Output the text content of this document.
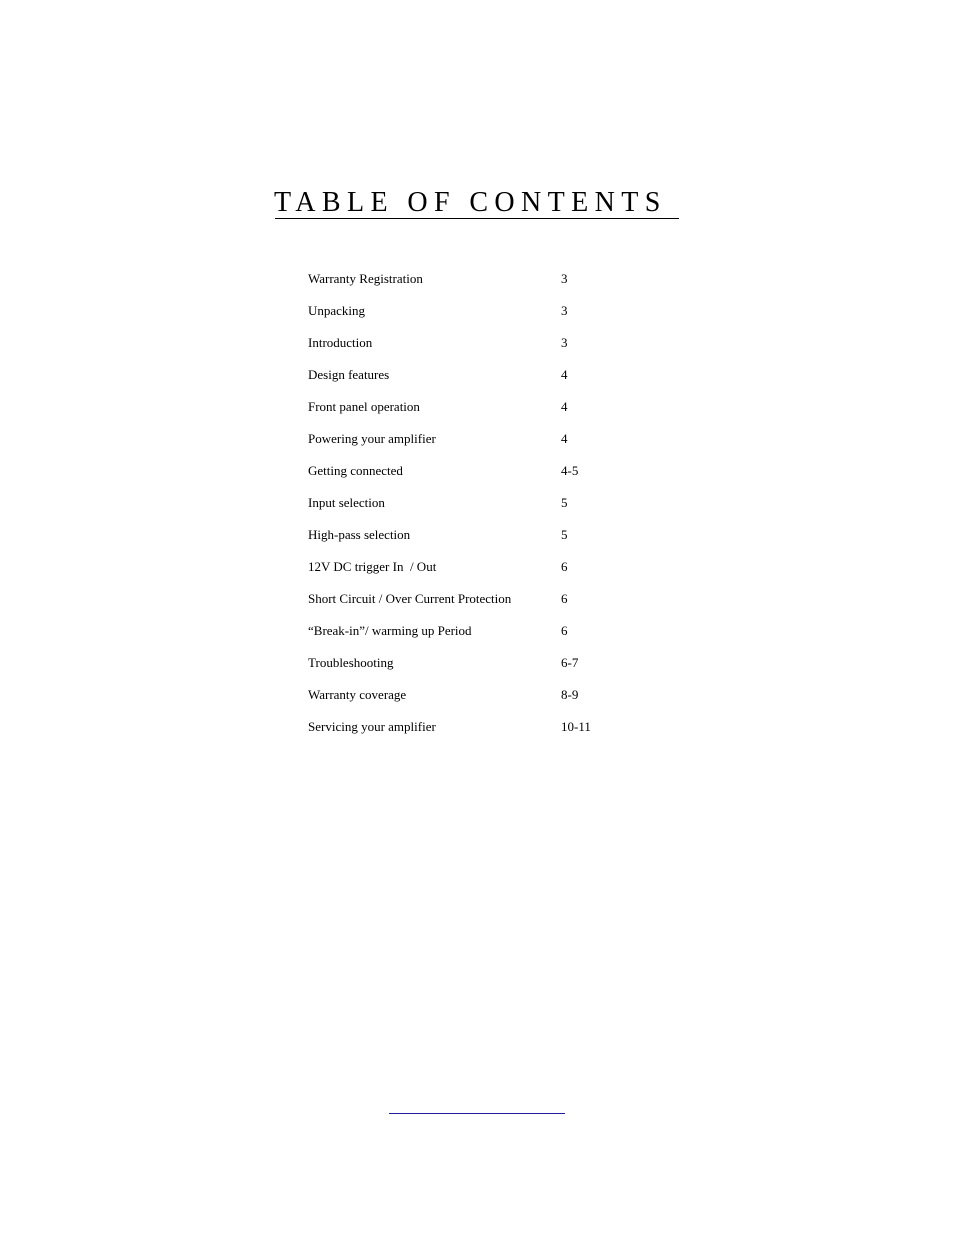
TABLE OF CONTENTS
Warranty Registration	3
Unpacking	3
Introduction	3
Design features	4
Front panel operation	4
Powering your amplifier	4
Getting connected	4-5
Input selection	5
High-pass selection	5
12V DC trigger In  / Out	6
Short Circuit / Over Current Protection	6
“Break-in”/ warming up Period	6
Troubleshooting	6-7
Warranty coverage	8-9
Servicing your amplifier	10-11
